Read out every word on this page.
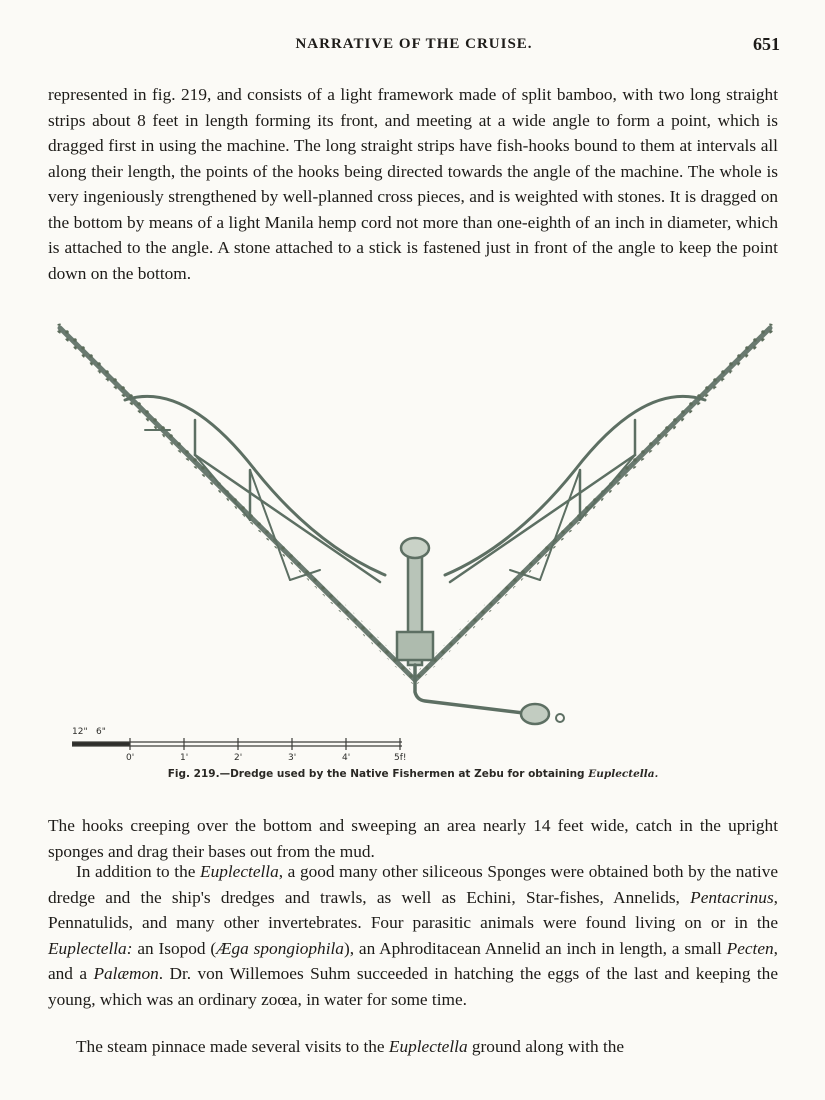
NARRATIVE OF THE CRUISE.	651

represented in fig. 219, and consists of a light framework made of split bamboo, with two long straight strips about 8 feet in length forming its front, and meeting at a wide angle to form a point, which is dragged first in using the machine. The long straight strips have fish-hooks bound to them at intervals all along their length, the points of the hooks being directed towards the angle of the machine. The whole is very ingeniously strengthened by well-planned cross pieces, and is weighted with stones. It is dragged on the bottom by means of a light Manila hemp cord not more than one-eighth of an inch in diameter, which is attached to the angle. A stone attached to a stick is fastened just in front of the angle to keep the point down on the bottom.

12" 6"
0'	1'	2'	3'	4'	5f!
Fig. 219.—Dredge used by the Native Fishermen at Zebu for obtaining Euplectella.

The hooks creeping over the bottom and sweeping an area nearly 14 feet wide, catch in the upright sponges and drag their bases out from the mud.

In addition to the Euplectella, a good many other siliceous Sponges were obtained both by the native dredge and the ship's dredges and trawls, as well as Echini, Star-fishes, Annelids, Pentacrinus, Pennatulids, and many other invertebrates. Four parasitic animals were found living on or in the Euplectella: an Isopod (Æga spongiophila), an Aphroditacean Annelid an inch in length, a small Pecten, and a Palæmon. Dr. von Willemoes Suhm succeeded in hatching the eggs of the last and keeping the young, which was an ordinary zoœa, in water for some time.

The steam pinnace made several visits to the Euplectella ground along with the
